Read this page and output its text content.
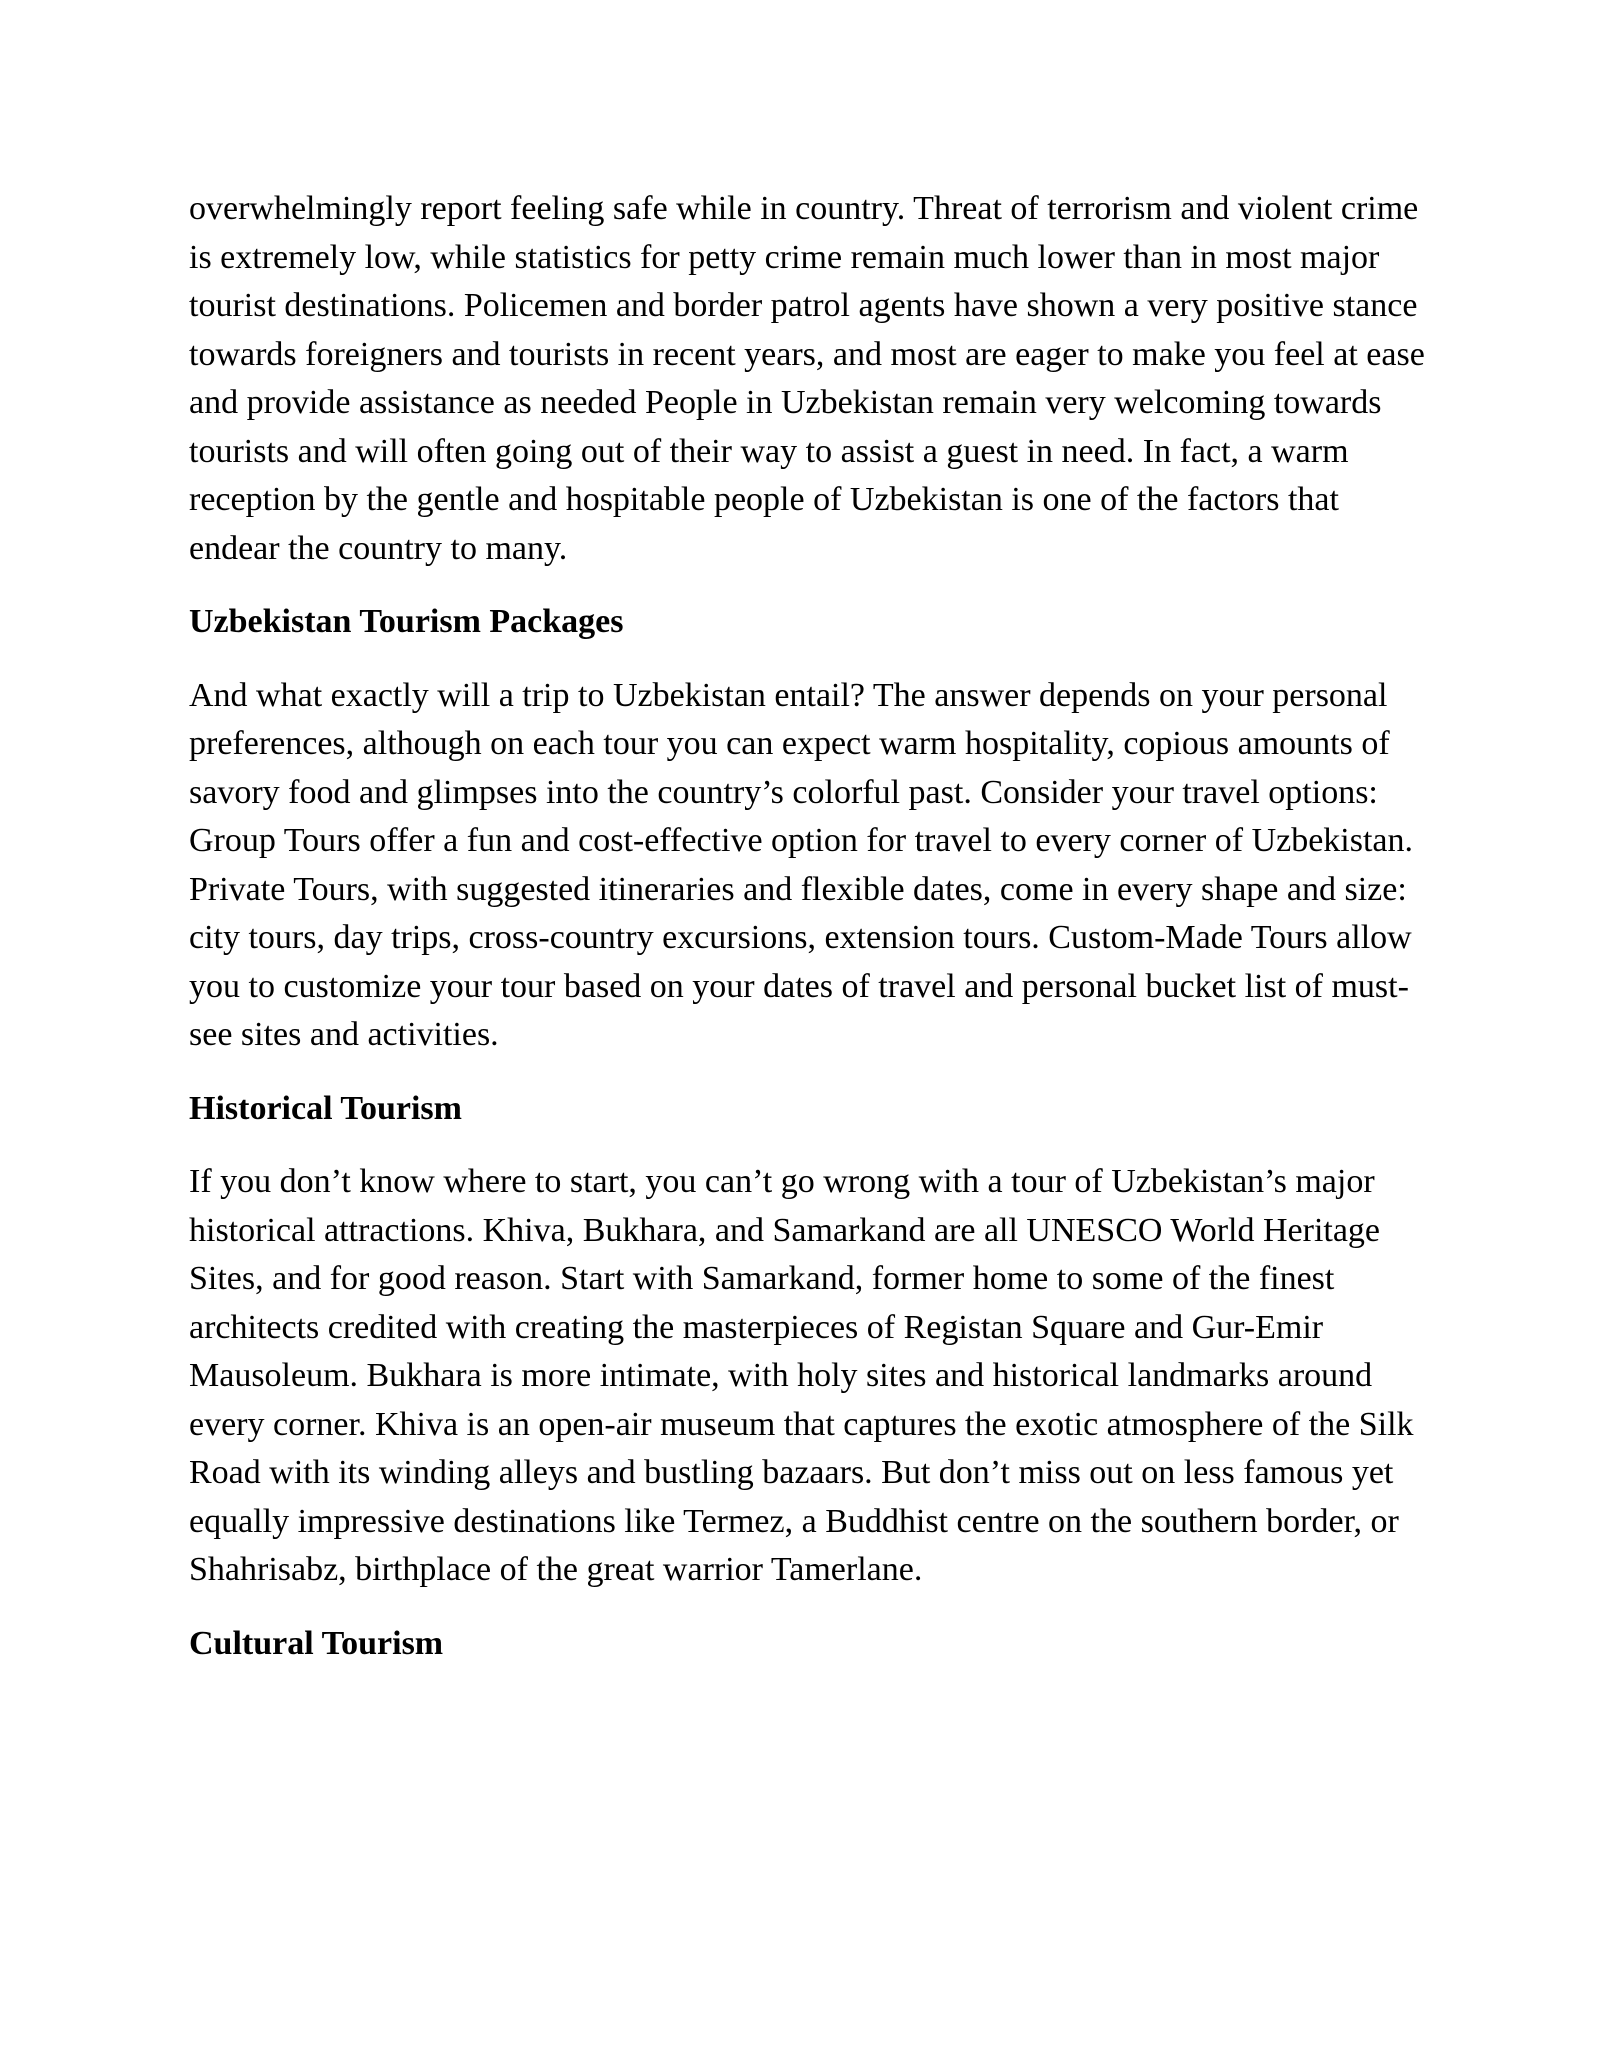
overwhelmingly report feeling safe while in country. Threat of terrorism and violent crime is extremely low, while statistics for petty crime remain much lower than in most major tourist destinations. Policemen and border patrol agents have shown a very positive stance towards foreigners and tourists in recent years, and most are eager to make you feel at ease and provide assistance as needed People in Uzbekistan remain very welcoming towards tourists and will often going out of their way to assist a guest in need. In fact, a warm reception by the gentle and hospitable people of Uzbekistan is one of the factors that endear the country to many.

Uzbekistan Tourism Packages

And what exactly will a trip to Uzbekistan entail? The answer depends on your personal preferences, although on each tour you can expect warm hospitality, copious amounts of savory food and glimpses into the country’s colorful past. Consider your travel options: Group Tours offer a fun and cost-effective option for travel to every corner of Uzbekistan. Private Tours, with suggested itineraries and flexible dates, come in every shape and size: city tours, day trips, cross-country excursions, extension tours. Custom-Made Tours allow you to customize your tour based on your dates of travel and personal bucket list of must-see sites and activities.

Historical Tourism

If you don’t know where to start, you can’t go wrong with a tour of Uzbekistan’s major historical attractions. Khiva, Bukhara, and Samarkand are all UNESCO World Heritage Sites, and for good reason. Start with Samarkand, former home to some of the finest architects credited with creating the masterpieces of Registan Square and Gur-Emir Mausoleum. Bukhara is more intimate, with holy sites and historical landmarks around every corner. Khiva is an open-air museum that captures the exotic atmosphere of the Silk Road with its winding alleys and bustling bazaars. But don’t miss out on less famous yet equally impressive destinations like Termez, a Buddhist centre on the southern border, or Shahrisabz, birthplace of the great warrior Tamerlane.

Cultural Tourism
